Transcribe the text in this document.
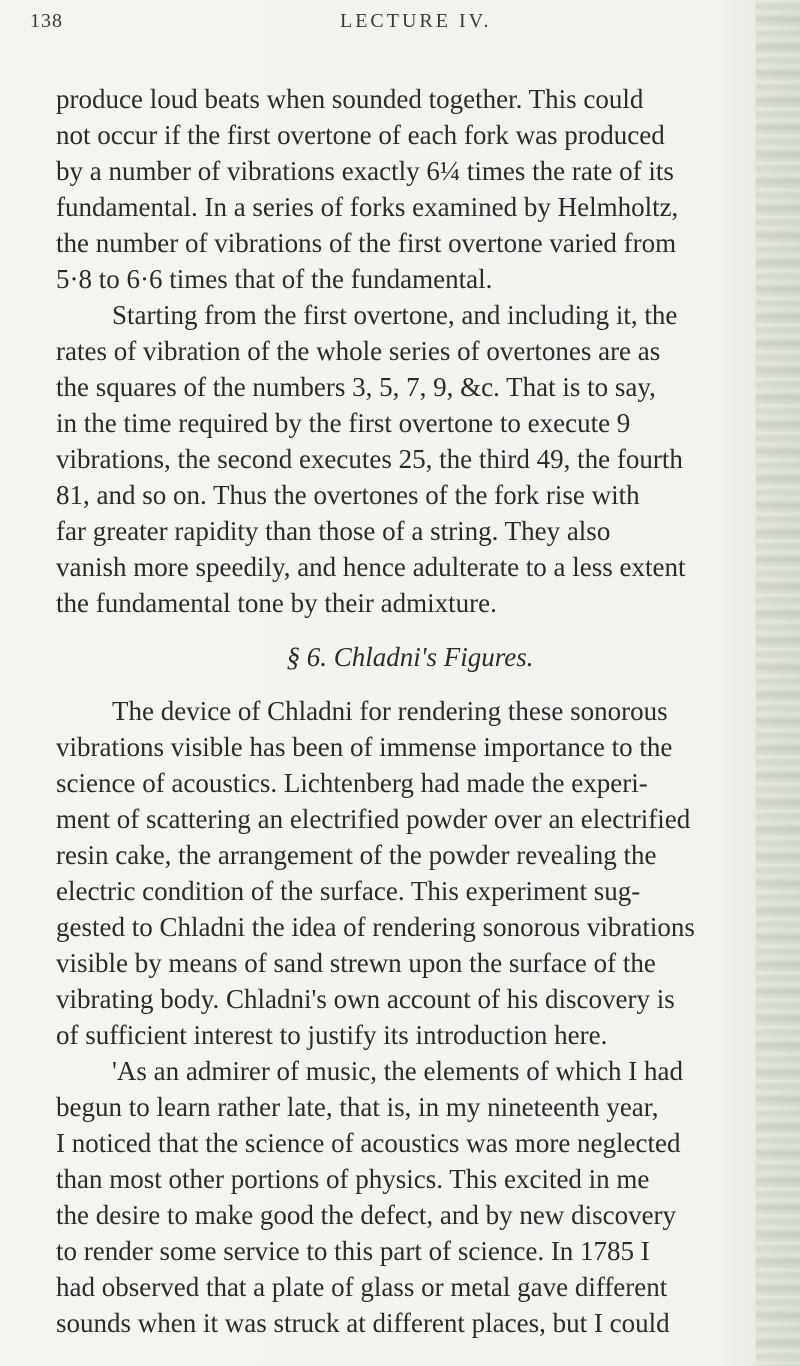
138	LECTURE IV.
produce loud beats when sounded together. This could
not occur if the first overtone of each fork was produced
by a number of vibrations exactly 6¼ times the rate of its
fundamental. In a series of forks examined by Helmholtz,
the number of vibrations of the first overtone varied from
5·8 to 6·6 times that of the fundamental.
Starting from the first overtone, and including it, the
rates of vibration of the whole series of overtones are as
the squares of the numbers 3, 5, 7, 9, &c. That is to say,
in the time required by the first overtone to execute 9
vibrations, the second executes 25, the third 49, the fourth
81, and so on. Thus the overtones of the fork rise with
far greater rapidity than those of a string. They also
vanish more speedily, and hence adulterate to a less extent
the fundamental tone by their admixture.
§ 6. Chladni's Figures.
The device of Chladni for rendering these sonorous
vibrations visible has been of immense importance to the
science of acoustics. Lichtenberg had made the experi-
ment of scattering an electrified powder over an electrified
resin cake, the arrangement of the powder revealing the
electric condition of the surface. This experiment sug-
gested to Chladni the idea of rendering sonorous vibrations
visible by means of sand strewn upon the surface of the
vibrating body. Chladni's own account of his discovery is
of sufficient interest to justify its introduction here.
'As an admirer of music, the elements of which I had
begun to learn rather late, that is, in my nineteenth year,
I noticed that the science of acoustics was more neglected
than most other portions of physics. This excited in me
the desire to make good the defect, and by new discovery
to render some service to this part of science. In 1785 I
had observed that a plate of glass or metal gave different
sounds when it was struck at different places, but I could
